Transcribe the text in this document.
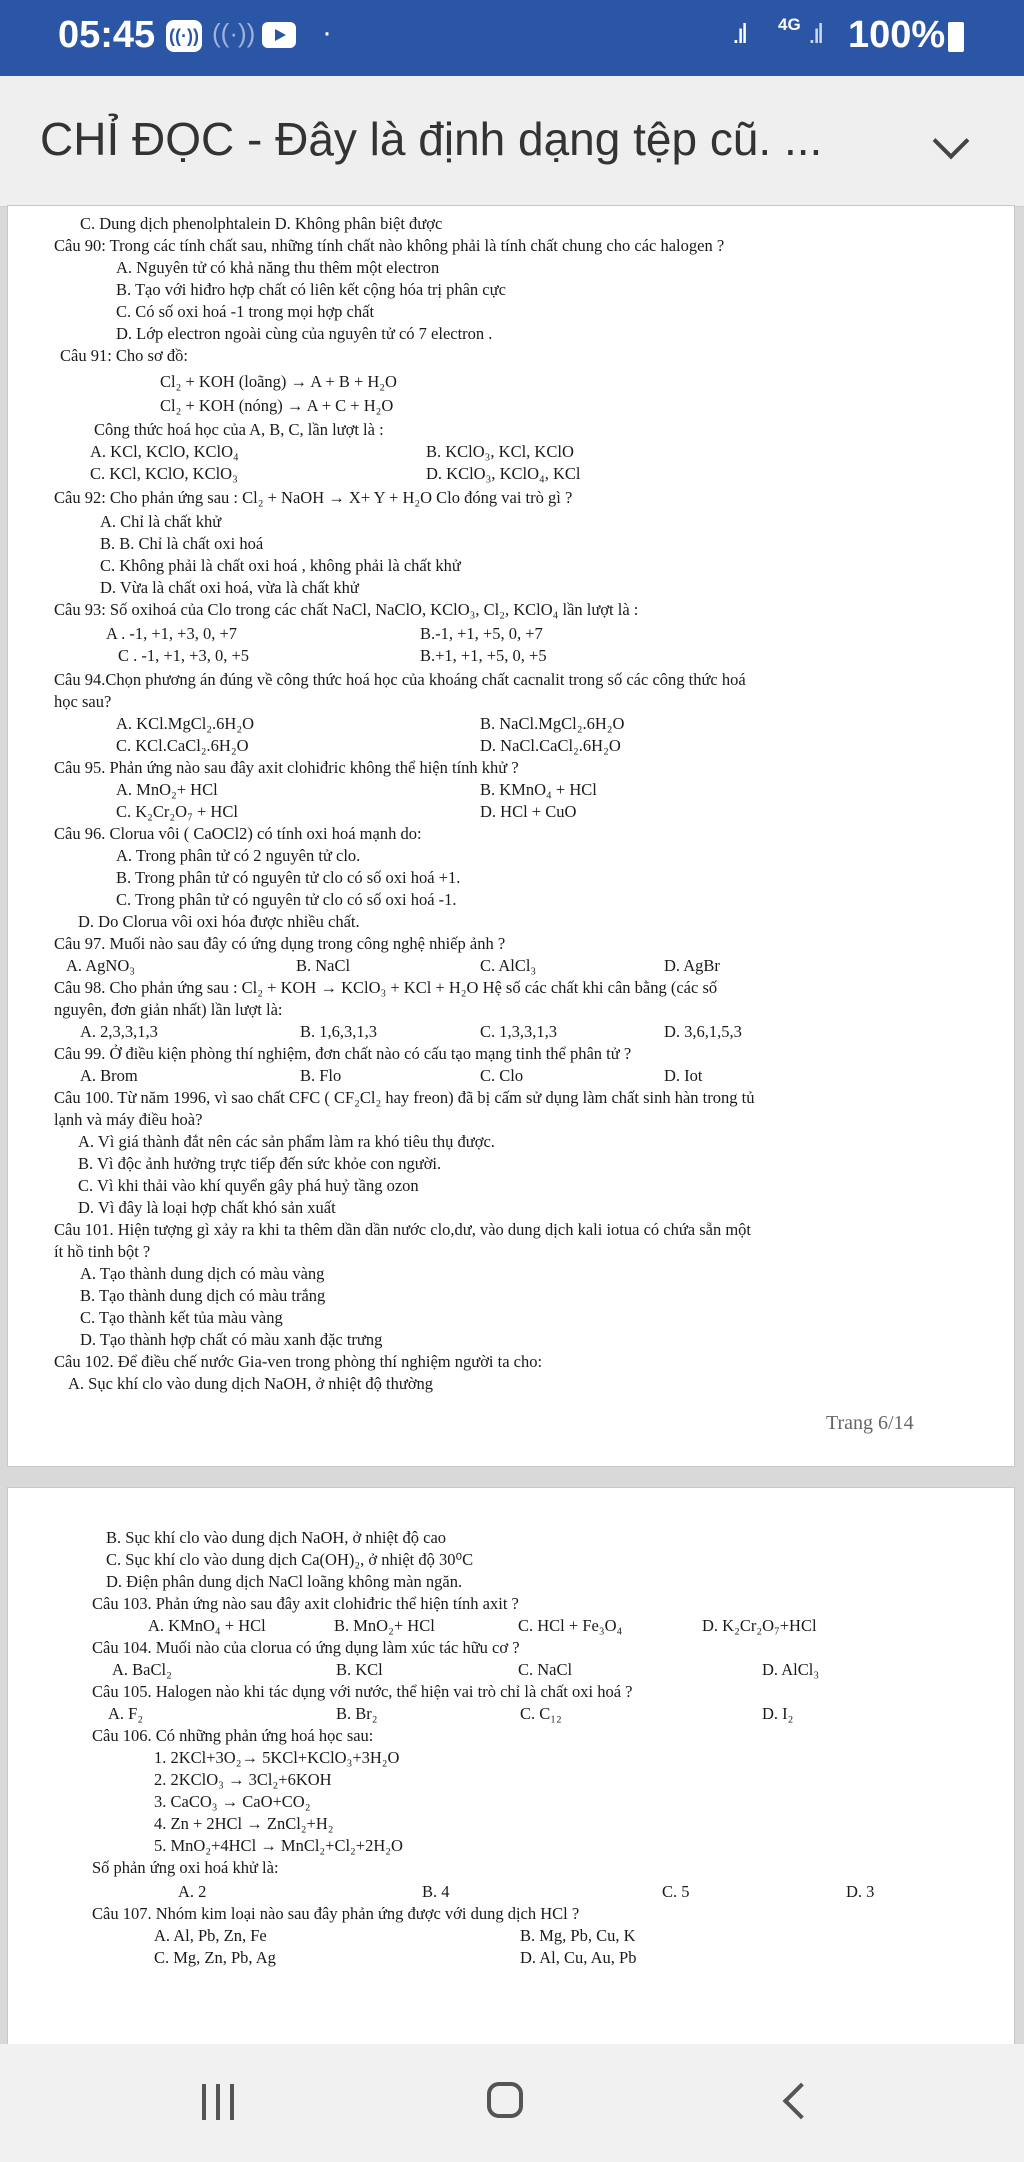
05:45 ((·)) ((·)) ·	.ıl 4G .ıl 100%
CHỈ ĐỌC - Đây là định dạng tệp cũ. ...
C. Dung dịch phenolphtalein D. Không phân biệt được
Câu 90: Trong các tính chất sau, những tính chất nào không phải là tính chất chung cho các halogen ?
A. Nguyên tử có khả năng thu thêm một electron
B. Tạo với hiđro hợp chất có liên kết cộng hóa trị phân cực
C. Có số oxi hoá -1 trong mọi hợp chất
D. Lớp electron ngoài cùng của nguyên tử có 7 electron .
Câu 91: Cho sơ đồ:
Cl₂ + KOH (loãng) → A + B + H₂O
Cl₂ + KOH (nóng) → A + C + H₂O
Công thức hoá học của A, B, C, lần lượt là :
A. KCl, KClO, KClO₄	B. KClO₃, KCl, KClO
C. KCl, KClO, KClO₃	D. KClO₃, KClO₄, KCl
Câu 92: Cho phản ứng sau : Cl₂ + NaOH → X+ Y + H₂O Clo đóng vai trò gì ?
A. Chỉ là chất khử
B. B. Chỉ là chất oxi hoá
C. Không phải là chất oxi hoá , không phải là chất khử
D. Vừa là chất oxi hoá, vừa là chất khử
Câu 93: Số oxihoá của Clo trong các chất NaCl, NaClO, KClO₃, Cl₂, KClO₄ lần lượt là :
A . -1, +1, +3, 0, +7	B.-1, +1, +5, 0, +7
C . -1, +1, +3, 0, +5	B.+1, +1, +5, 0, +5
Câu 94.Chọn phương án đúng về công thức hoá học của khoáng chất cacnalit trong số các công thức hoá
học sau?
A. KCl.MgCl₂.6H₂O	B. NaCl.MgCl₂.6H₂O
C. KCl.CaCl₂.6H₂O	D. NaCl.CaCl₂.6H₂O
Câu 95. Phản ứng nào sau đây axit clohiđric không thể hiện tính khử ?
A. MnO₂+ HCl	B. KMnO₄ + HCl
C. K₂Cr₂O₇ + HCl	D. HCl + CuO
Câu 96. Clorua vôi ( CaOCl2) có tính oxi hoá mạnh do:
A. Trong phân tử có 2 nguyên tử clo.
B. Trong phân tử có nguyên tử clo có số oxi hoá +1.
C. Trong phân tử có nguyên tử clo có số oxi hoá -1.
D. Do Clorua vôi oxi hóa được nhiều chất.
Câu 97. Muối nào sau đây có ứng dụng trong công nghệ nhiếp ảnh ?
A. AgNO₃	B. NaCl	C. AlCl₃	D. AgBr
Câu 98. Cho phản ứng sau : Cl₂ + KOH → KClO₃ + KCl + H₂O Hệ số các chất khi cân bằng (các số
nguyên, đơn giản nhất) lần lượt là:
A. 2,3,3,1,3	B. 1,6,3,1,3	C. 1,3,3,1,3	D. 3,6,1,5,3
Câu 99. Ở điều kiện phòng thí nghiệm, đơn chất nào có cấu tạo mạng tinh thể phân tử ?
A. Brom	B. Flo	C. Clo	D. Iot
Câu 100. Từ năm 1996, vì sao chất CFC ( CF₂Cl₂ hay freon) đã bị cấm sử dụng làm chất sinh hàn trong tủ
lạnh và máy điều hoà?
A. Vì giá thành đắt nên các sản phẩm làm ra khó tiêu thụ được.
B. Vì độc ảnh hưởng trực tiếp đến sức khỏe con người.
C. Vì khi thải vào khí quyển gây phá huỷ tầng ozon
D. Vì đây là loại hợp chất khó sản xuất
Câu 101. Hiện tượng gì xảy ra khi ta thêm dần dần nước clo,dư, vào dung dịch kali iotua có chứa sẵn một
ít hồ tinh bột ?
A. Tạo thành dung dịch có màu vàng
B. Tạo thành dung dịch có màu trắng
C. Tạo thành kết tủa màu vàng
D. Tạo thành hợp chất có màu xanh đặc trưng
Câu 102. Để điều chế nước Gia-ven trong phòng thí nghiệm người ta cho:
A. Sục khí clo vào dung dịch NaOH, ở nhiệt độ thường
Trang 6/14
B. Sục khí clo vào dung dịch NaOH, ở nhiệt độ cao
C. Sục khí clo vào dung dịch Ca(OH)₂, ở nhiệt độ 30⁰C
D. Điện phân dung dịch NaCl loãng không màn ngăn.
Câu 103. Phản ứng nào sau đây axit clohiđric thể hiện tính axit ?
A. KMnO₄ + HCl	B. MnO₂+ HCl	C. HCl + Fe₃O₄	D. K₂Cr₂O₇+HCl
Câu 104. Muối nào của clorua có ứng dụng làm xúc tác hữu cơ ?
A. BaCl₂	B. KCl	C. NaCl	D. AlCl₃
Câu 105. Halogen nào khi tác dụng với nước, thể hiện vai trò chỉ là chất oxi hoá ?
A. F₂	B. Br₂	C. C₁₂	D. I₂
Câu 106. Có những phản ứng hoá học sau:
1. 2KCl+3O₂→ 5KCl+KClO₃+3H₂O
2. 2KClO₃ → 3Cl₂+6KOH
3. CaCO₃ → CaO+CO₂
4. Zn + 2HCl → ZnCl₂+H₂
5. MnO₂+4HCl → MnCl₂+Cl₂+2H₂O
Số phản ứng oxi hoá khử là:
A. 2	B. 4	C. 5	D. 3
Câu 107. Nhóm kim loại nào sau đây phản ứng được với dung dịch HCl ?
A. Al, Pb, Zn, Fe	B. Mg, Pb, Cu, K
C. Mg, Zn, Pb, Ag	D. Al, Cu, Au, Pb
